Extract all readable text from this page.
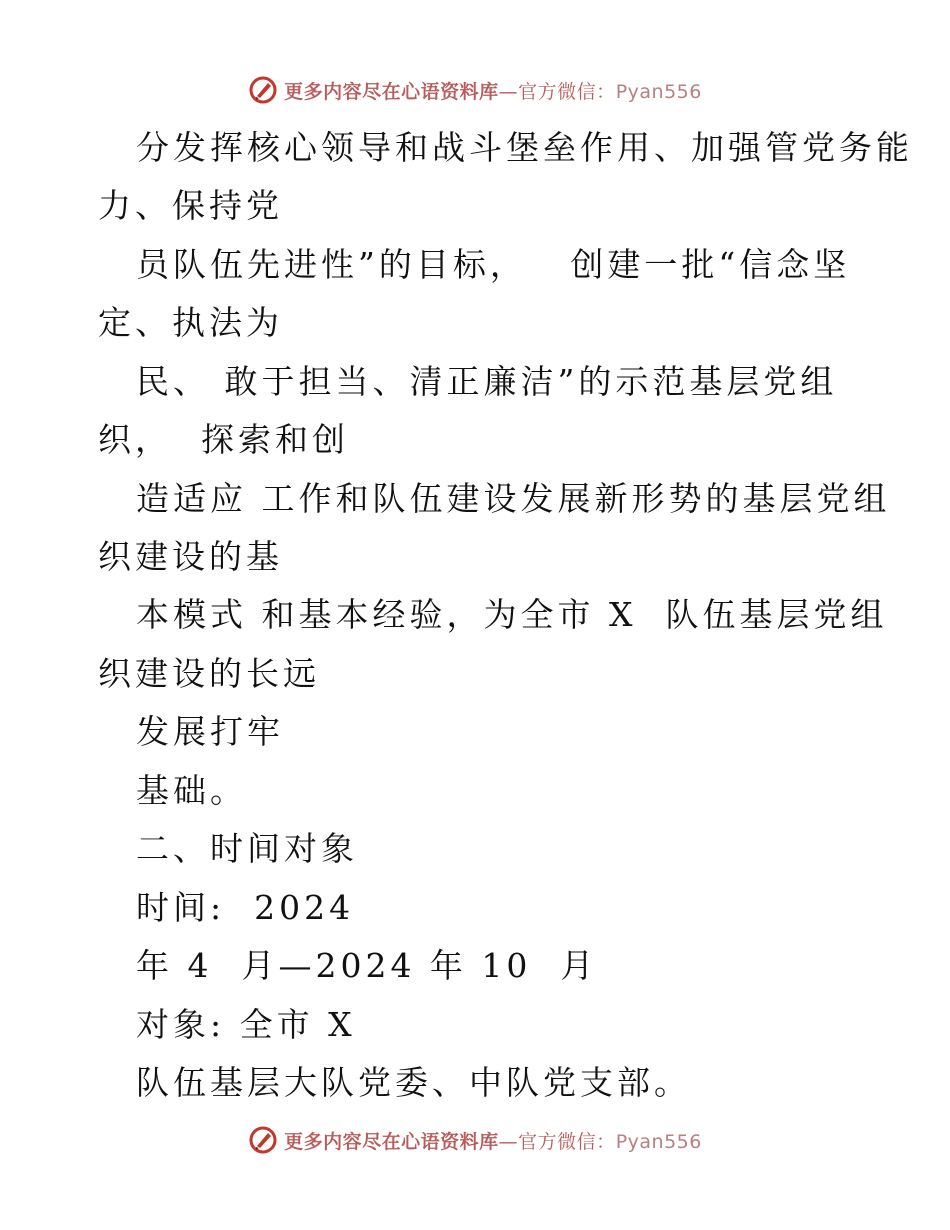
更多内容尽在心语资料库—官方微信：Pyan556

分发挥核心领导和战斗堡垒作用、加强管党务能

力、保持党

员队伍先进性”的目标，   创建一批“信念坚

定、执法为

民、 敢于担当、清正廉洁”的示范基层党组

织，  探索和创

造适应 工作和队伍建设发展新形势的基层党组

织建设的基

本模式 和基本经验，为全市 X  队伍基层党组

织建设的长远

发展打牢

基础。

二、时间对象

时间:  2024

年 4  月—2024 年 10  月

对象: 全市 X

队伍基层大队党委、中队党支部。

更多内容尽在心语资料库—官方微信：Pyan556
